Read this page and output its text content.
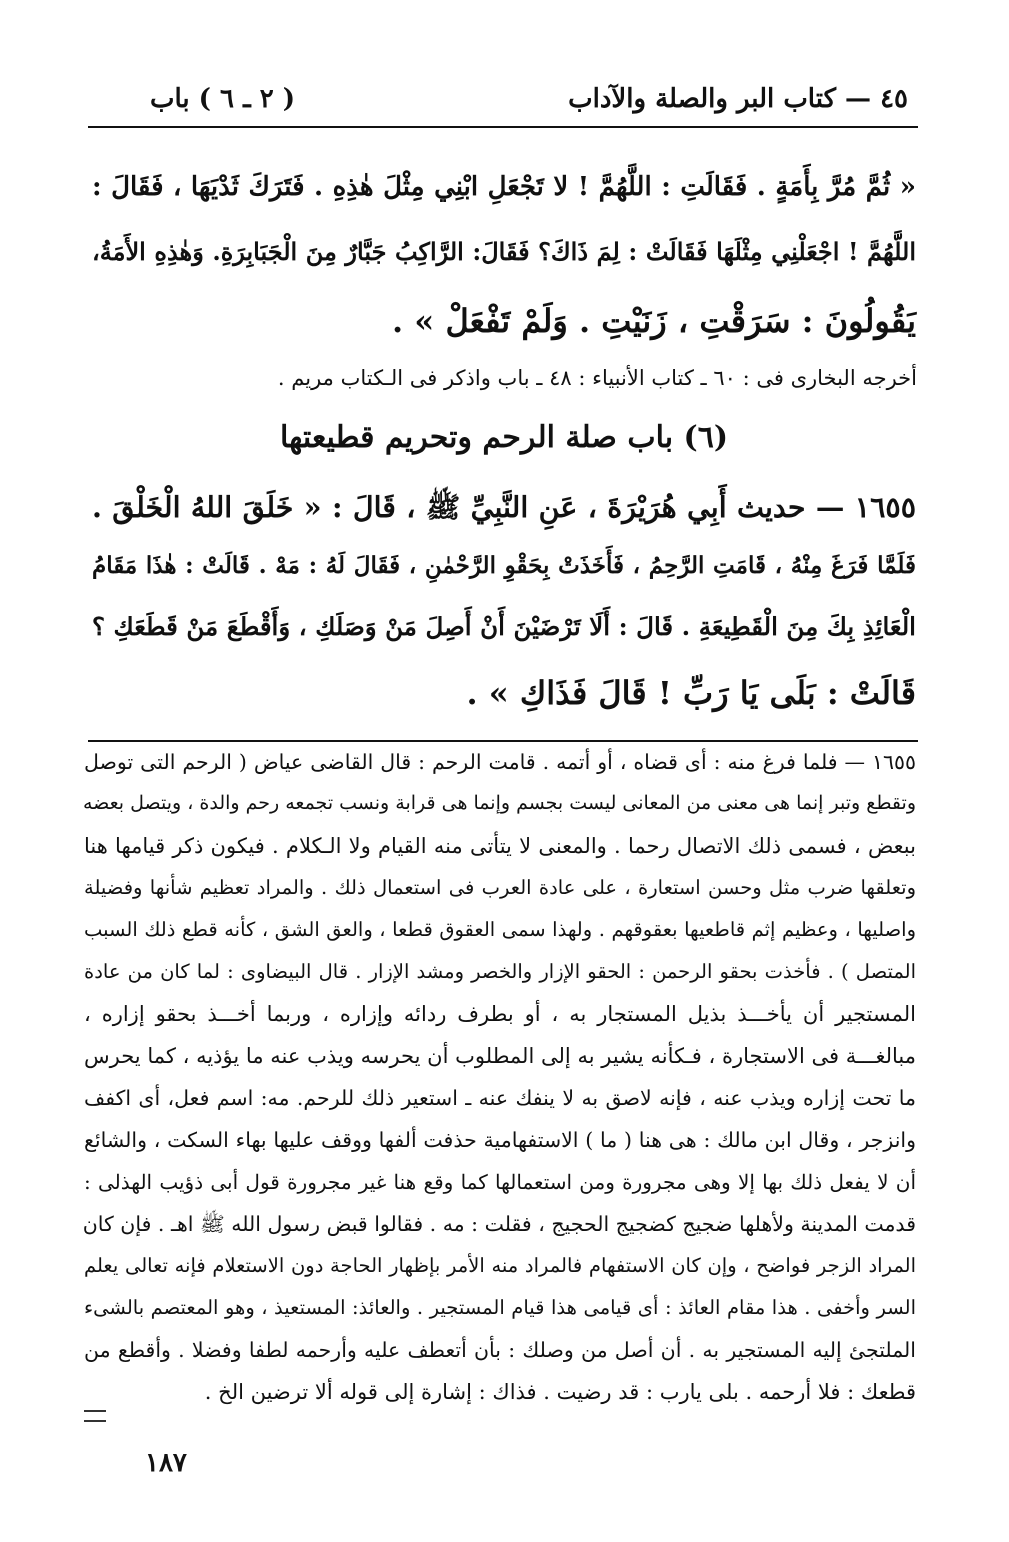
٤٥ — كتاب البر والصلة والآداب
( ٢ ـ ٦ ) باب
« ثُمَّ مُرَّ بِأَمَةٍ . فَقَالَتِ : اللَّهُمَّ ! لا تَجْعَلِ ابْنِي مِثْلَ هٰذِهِ . فَتَرَكَ ثَدْيَهَا ، فَقَالَ :
اللَّهُمَّ ! اجْعَلْنِي مِثْلَهَا فَقَالَتْ : لِمَ ذَاكَ؟ فَقَالَ: الرَّاكِبُ جَبَّارٌ مِنَ الْجَبَابِرَةِ. وَهٰذِهِ الأَمَةُ،
يَقُولُونَ : سَرَقْتِ ، زَنَيْتِ . وَلَمْ تَفْعَلْ » .
أخرجه البخارى فى : ٦٠ ـ كتاب الأنبياء : ٤٨ ـ باب واذكر فى الـكتاب مريم .
(٦) باب صلة الرحم وتحريم قطيعتها
١٦٥٥ — حديث أَبِي هُرَيْرَةَ ، عَنِ النَّبِيِّ ﷺ ، قَالَ : « خَلَقَ اللهُ الْخَلْقَ .
فَلَمَّا فَرَغَ مِنْهُ ، قَامَتِ الرَّحِمُ ، فَأَخَذَتْ بِحَقْوِ الرَّحْمٰنِ ، فَقَالَ لَهُ : مَهْ . قَالَتْ : هٰذَا مَقَامُ
الْعَائِذِ بِكَ مِنَ الْقَطِيعَةِ . قَالَ : أَلَا تَرْضَيْنَ أَنْ أَصِلَ مَنْ وَصَلَكِ ، وَأَقْطَعَ مَنْ قَطَعَكِ ؟
قَالَتْ : بَلَى يَا رَبِّ ! قَالَ فَذَاكِ » .
١٦٥٥ — فلما فرغ منه : أى قضاه ، أو أتمه . قامت الرحم : قال القاضى عياض ( الرحم التى توصل
وتقطع وتبر إنما هى معنى من المعانى ليست بجسم وإنما هى قرابة ونسب تجمعه رحم والدة ، ويتصل بعضه
ببعض ، فسمى ذلك الاتصال رحما . والمعنى لا يتأتى منه القيام ولا الـكلام . فيكون ذكر قيامها هنا
وتعلقها ضرب مثل وحسن استعارة ، على عادة العرب فى استعمال ذلك . والمراد تعظيم شأنها وفضيلة
واصليها ، وعظيم إثم قاطعيها بعقوقهم . ولهذا سمى العقوق قطعا ، والعق الشق ، كأنه قطع ذلك السبب
المتصل ) . فأخذت بحقو الرحمن : الحقو الإزار والخصر ومشد الإزار . قال البيضاوى : لما كان من عادة
المستجير أن يأخـــذ بذيل المستجار به ، أو بطرف ردائه وإزاره ، وربما أخـــذ بحقو إزاره ،
مبالغـــة فى الاستجارة ، فـكأنه يشير به إلى المطلوب أن يحرسه ويذب عنه ما يؤذيه ، كما يحرس
ما تحت إزاره ويذب عنه ، فإنه لاصق به لا ينفك عنه ـ استعير ذلك للرحم. مه: اسم فعل، أى اكفف
وانزجر ، وقال ابن مالك : هى هنا ( ما ) الاستفهامية حذفت ألفها ووقف عليها بهاء السكت ، والشائع
أن لا يفعل ذلك بها إلا وهى مجرورة ومن استعمالها كما وقع هنا غير مجرورة قول أبى ذؤيب الهذلى :
قدمت المدينة ولأهلها ضجيج كضجيج الحجيج ، فقلت : مه . فقالوا قبض رسول الله ﷺ اهـ . فإن كان
المراد الزجر فواضح ، وإن كان الاستفهام فالمراد منه الأمر بإظهار الحاجة دون الاستعلام فإنه تعالى يعلم
السر وأخفى . هذا مقام العائذ : أى قيامى هذا قيام المستجير . والعائذ: المستعيذ ، وهو المعتصم بالشىء
الملتجئ إليه المستجير به . أن أصل من وصلك : بأن أتعطف عليه وأرحمه لطفا وفضلا . وأقطع من
قطعك : فلا أرحمه . بلى يارب : قد رضيت . فذاك : إشارة إلى قوله ألا ترضين الخ .
١٨٧
